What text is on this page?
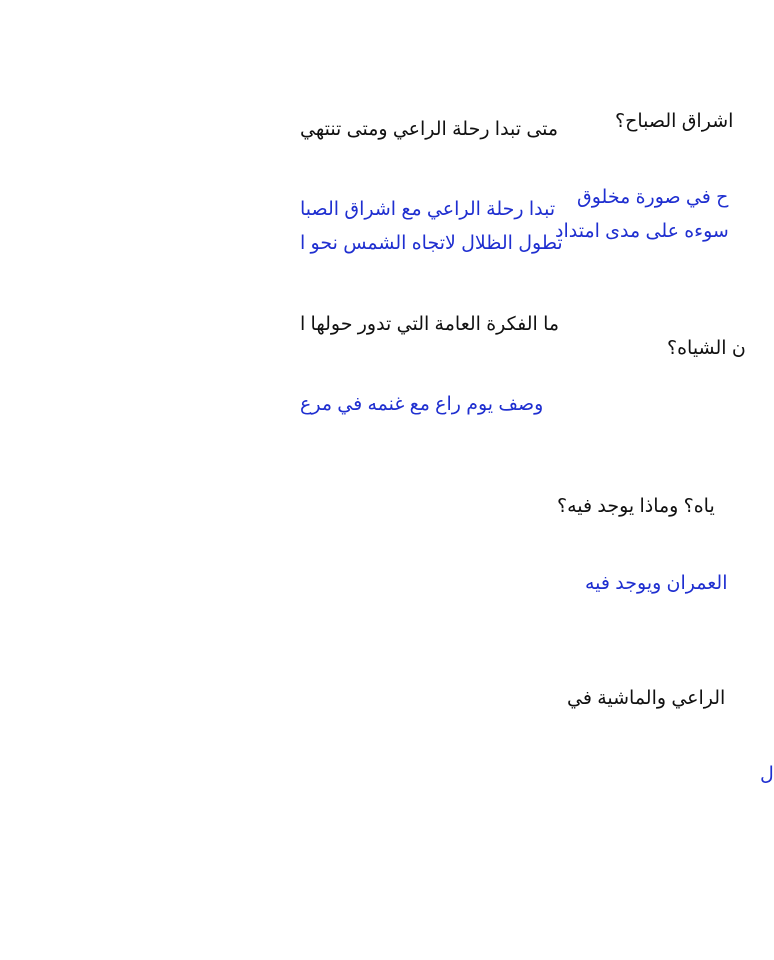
متى تبدا رحلة الراعي ومتى تنتهي
تبدا رحلة الراعي مع اشراق الصبا
تطول الظلال لاتجاه الشمس نحو ا
ما الفكرة العامة التي تدور حولها ا
وصف يوم راع مع غنمه في مرع
اشراق الصباح؟
ح في صورة مخلوق
سوءه على مدى امتداد
ن الشياه؟
ياه؟ وماذا يوجد فيه؟
العمران ويوجد فيه
الراعي والماشية في
ل
